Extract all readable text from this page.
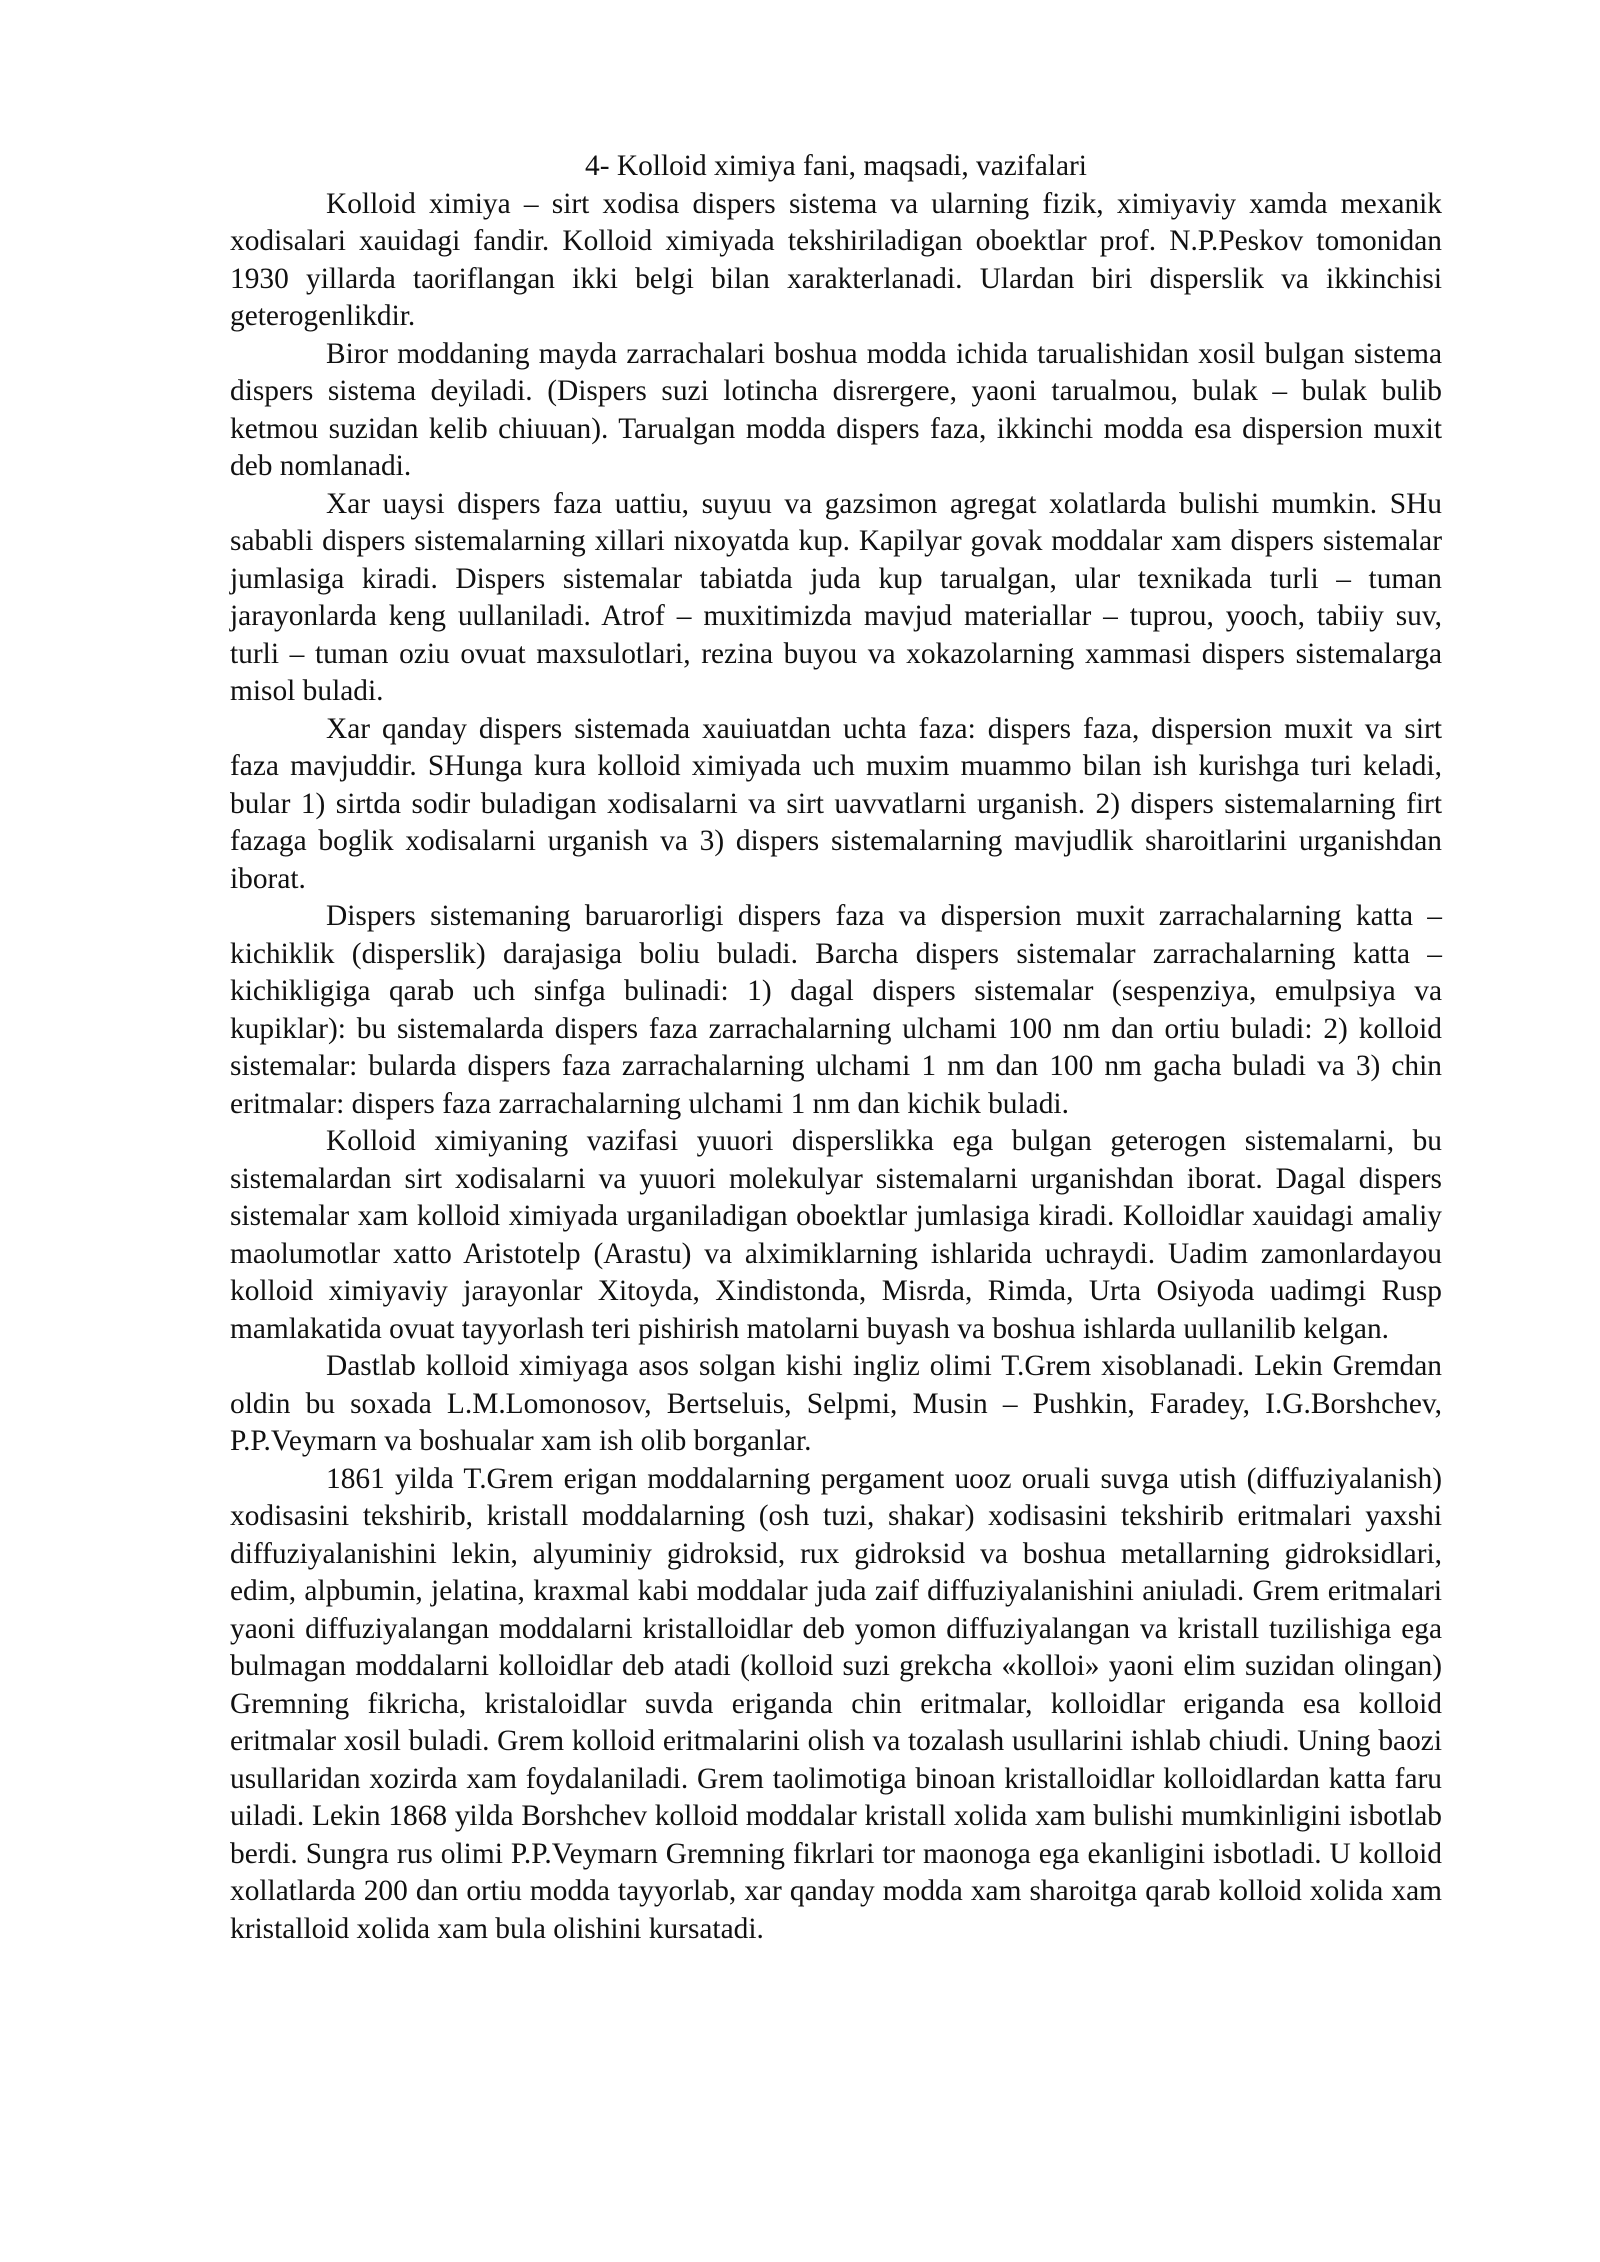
4- Kolloid ximiya fani, maqsadi, vazifalari

Kolloid ximiya – sirt xodisa dispers sistema va ularning fizik, ximiyaviy xamda mexanik xodisalari xauidagi fandir. Kolloid ximiyada tekshiriladigan oboektlar prof. N.P.Peskov tomonidan 1930 yillarda taoriflangan ikki belgi bilan xarakterlanadi. Ulardan biri disperslik va ikkinchisi geterogenlikdir.

Biror moddaning mayda zarrachalari boshua modda ichida tarualishidan xosil bulgan sistema dispers sistema deyiladi. (Dispers suzi lotincha disrergere, yaoni tarualmou, bulak – bulak bulib ketmou suzidan kelib chiuuan). Tarualgan modda dispers faza, ikkinchi modda esa dispersion muxit deb nomlanadi.

Xar uaysi dispers faza uattiu, suyuu va gazsimon agregat xolatlarda bulishi mumkin. SHu sababli dispers sistemalarning xillari nixoyatda kup. Kapilyar govak moddalar xam dispers sistemalar jumlasiga kiradi. Dispers sistemalar tabiatda juda kup tarualgan, ular texnikada turli – tuman jarayonlarda keng uullaniladi. Atrof – muxitimizda mavjud materiallar – tuprou, yooch, tabiiy suv, turli – tuman oziu ovuat maxsulotlari, rezina buyou va xokazolarning xammasi dispers sistemalarga misol buladi.

Xar qanday dispers sistemada xauiuatdan uchta faza: dispers faza, dispersion muxit va sirt faza mavjuddir. SHunga kura kolloid ximiyada uch muxim muammo bilan ish kurishga turi keladi, bular 1) sirtda sodir buladigan xodisalarni va sirt uavvatlarni urganish. 2) dispers sistemalarning firt fazaga boglik xodisalarni urganish va 3) dispers sistemalarning mavjudlik sharoitlarini urganishdan iborat.

Dispers sistemaning baruarorligi dispers faza va dispersion muxit zarrachalarning katta – kichiklik (disperslik) darajasiga boliu buladi. Barcha dispers sistemalar zarrachalarning katta – kichikligiga qarab uch sinfga bulinadi: 1) dagal dispers sistemalar (sespenziya, emulpsiya va kupiklar): bu sistemalarda dispers faza zarrachalarning ulchami 100 nm dan ortiu buladi: 2) kolloid sistemalar: bularda dispers faza zarrachalarning ulchami 1 nm dan 100 nm gacha buladi va 3) chin eritmalar: dispers faza zarrachalarning ulchami 1 nm dan kichik buladi.

Kolloid ximiyaning vazifasi yuuori disperslikka ega bulgan geterogen sistemalarni, bu sistemalardan sirt xodisalarni va yuuori molekulyar sistemalarni urganishdan iborat. Dagal dispers sistemalar xam kolloid ximiyada urganiladigan oboektlar jumlasiga kiradi. Kolloidlar xauidagi amaliy maolumotlar xatto Aristotelp (Arastu) va alximiklarning ishlarida uchraydi. Uadim zamonlardayou kolloid ximiyaviy jarayonlar Xitoyda, Xindistonda, Misrda, Rimda, Urta Osiyoda uadimgi Rusp mamlakatida ovuat tayyorlash teri pishirish matolarni buyash va boshua ishlarda uullanilib kelgan.

Dastlab kolloid ximiyaga asos solgan kishi ingliz olimi T.Grem xisoblanadi. Lekin Gremdan oldin bu soxada L.M.Lomonosov, Bertseluis, Selpmi, Musin – Pushkin, Faradey, I.G.Borshchev, P.P.Veymarn va boshualar xam ish olib borganlar.

1861 yilda T.Grem erigan moddalarning pergament uooz oruali suvga utish (diffuziyalanish) xodisasini tekshirib, kristall moddalarning (osh tuzi, shakar) xodisasini tekshirib eritmalari yaxshi diffuziyalanishini lekin, alyuminiy gidroksid, rux gidroksid va boshua metallarning gidroksidlari, edim, alpbumin, jelatina, kraxmal kabi moddalar juda zaif diffuziyalanishini aniuladi. Grem eritmalari yaoni diffuziyalangan moddalarni kristalloidlar deb yomon diffuziyalangan va kristall tuzilishiga ega bulmagan moddalarni kolloidlar deb atadi (kolloid suzi grekcha «kolloi» yaoni elim suzidan olingan) Gremning fikricha, kristaloidlar suvda eriganda chin eritmalar, kolloidlar eriganda esa kolloid eritmalar xosil buladi. Grem kolloid eritmalarini olish va tozalash usullarini ishlab chiudi. Uning baozi usullaridan xozirda xam foydalaniladi. Grem taolimotiga binoan kristalloidlar kolloidlardan katta faru uiladi. Lekin 1868 yilda Borshchev kolloid moddalar kristall xolida xam bulishi mumkinligini isbotlab berdi. Sungra rus olimi P.P.Veymarn Gremning fikrlari tor maonoga ega ekanligini isbotladi. U kolloid xollatlarda 200 dan ortiu modda tayyorlab, xar qanday modda xam sharoitga qarab kolloid xolida xam kristalloid xolida xam bula olishini kursatadi.
